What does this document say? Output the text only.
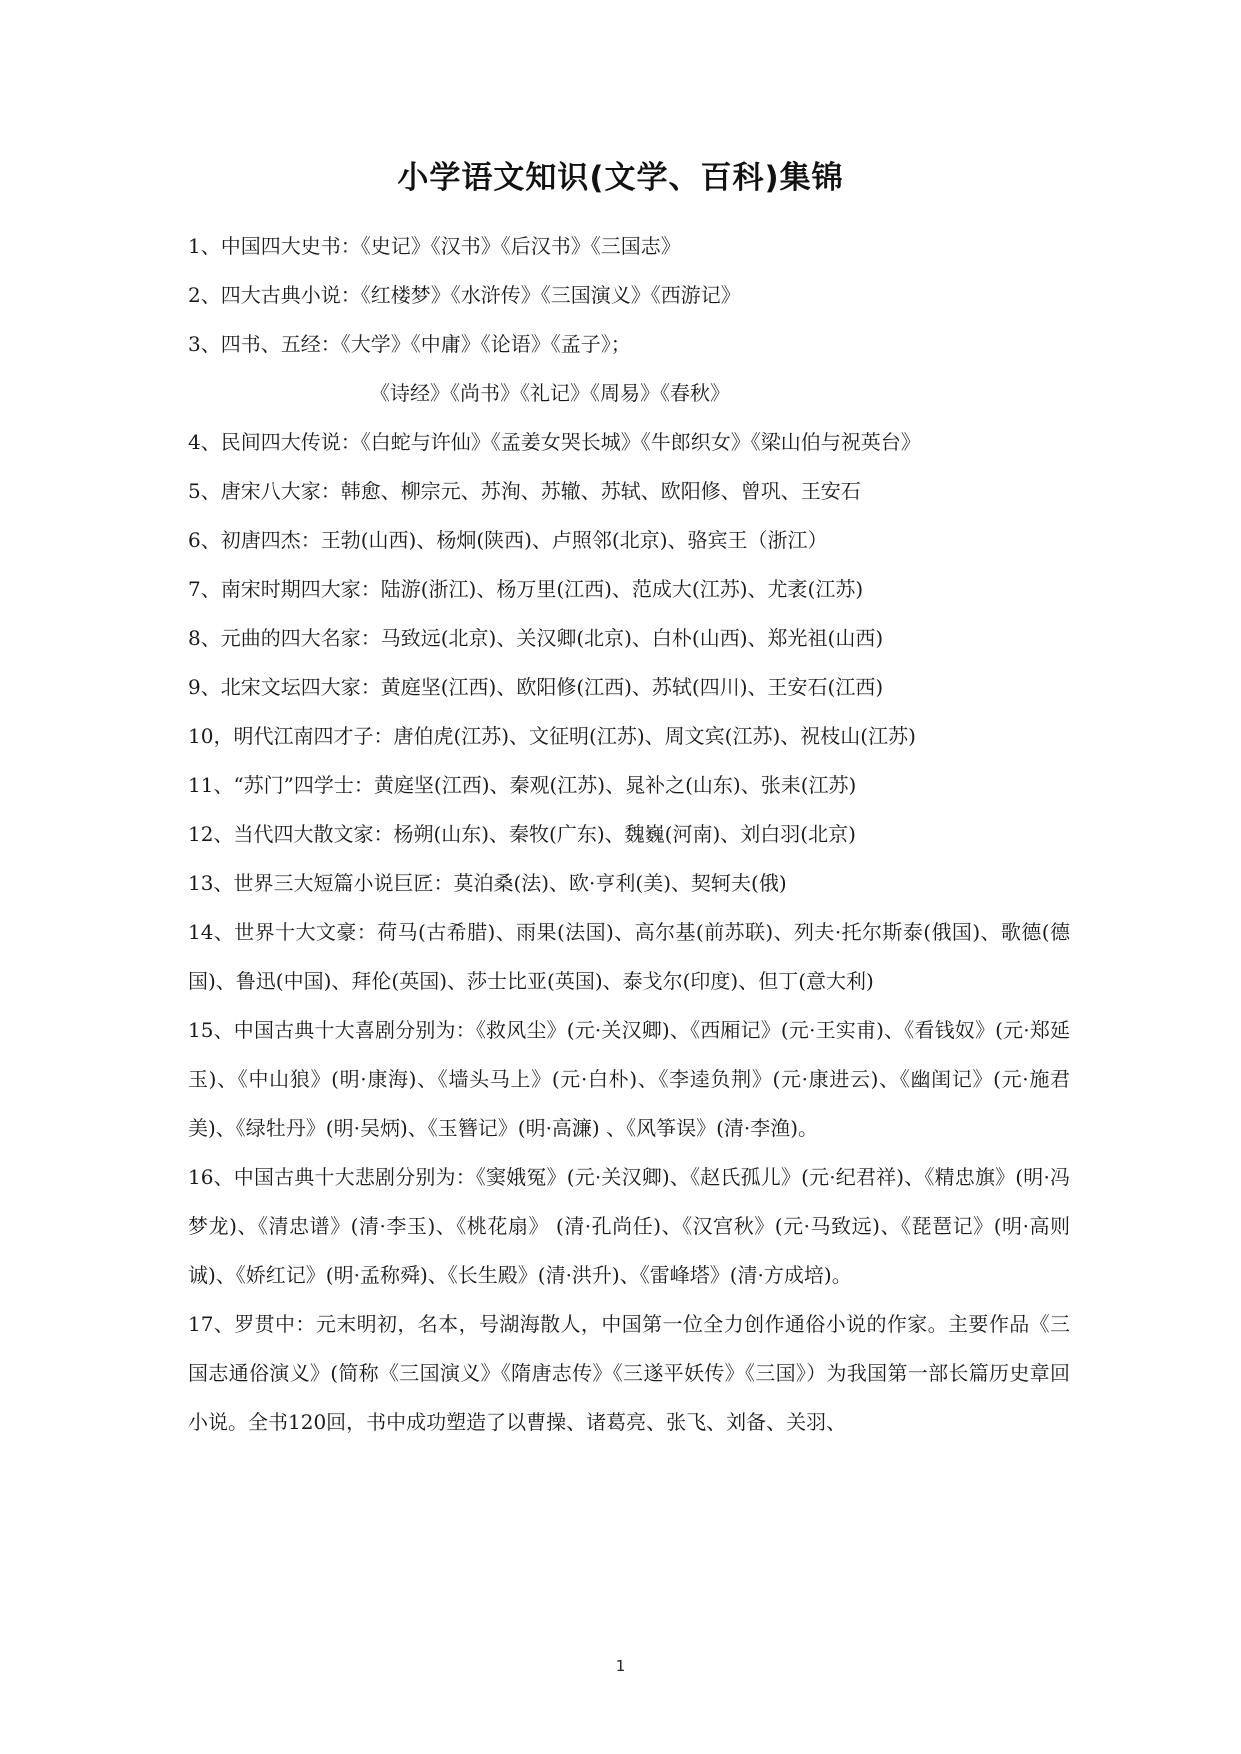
小学语文知识(文学、百科)集锦
1、中国四大史书：《史记》《汉书》《后汉书》《三国志》
2、四大古典小说：《红楼梦》《水浒传》《三国演义》《西游记》
3、四书、五经：《大学》《中庸》《论语》《孟子》；
《诗经》《尚书》《礼记》《周易》《春秋》
4、民间四大传说：《白蛇与许仙》《孟姜女哭长城》《牛郎织女》《梁山伯与祝英台》
5、唐宋八大家：韩愈、柳宗元、苏洵、苏辙、苏轼、欧阳修、曾巩、王安石
6、初唐四杰：王勃(山西)、杨炯(陕西)、卢照邻(北京)、骆宾王（浙江）
7、南宋时期四大家：陆游(浙江)、杨万里(江西)、范成大(江苏)、尤袤(江苏)
8、元曲的四大名家：马致远(北京)、关汉卿(北京)、白朴(山西)、郑光祖(山西)
9、北宋文坛四大家：黄庭坚(江西)、欧阳修(江西)、苏轼(四川)、王安石(江西)
10，明代江南四才子：唐伯虎(江苏)、文征明(江苏)、周文宾(江苏)、祝枝山(江苏)
11、“苏门”四学士：黄庭坚(江西)、秦观(江苏)、晁补之(山东)、张耒(江苏)
12、当代四大散文家：杨朔(山东)、秦牧(广东)、魏巍(河南)、刘白羽(北京)
13、世界三大短篇小说巨匠：莫泊桑(法)、欧·亨利(美)、契轲夫(俄)
14、世界十大文豪：荷马(古希腊)、雨果(法国)、高尔基(前苏联)、列夫·托尔斯泰(俄国)、歌德(德国)、鲁迅(中国)、拜伦(英国)、莎士比亚(英国)、泰戈尔(印度)、但丁(意大利)
15、中国古典十大喜剧分别为：《救风尘》(元·关汉卿)、《西厢记》(元·王实甫)、《看钱奴》(元·郑延玉)、《中山狼》(明·康海)、《墙头马上》(元·白朴)、《李逵负荆》(元·康进云)、《幽闺记》(元·施君美)、《绿牡丹》(明·吴炳)、《玉簪记》(明·高濂) 、《风筝误》(清·李渔)。
16、中国古典十大悲剧分别为：《窦娥冤》(元·关汉卿)、《赵氏孤儿》(元·纪君祥)、《精忠旗》(明·冯梦龙)、《清忠谱》(清·李玉)、《桃花扇》 (清·孔尚任)、《汉宫秋》(元·马致远)、《琵琶记》(明·高则诚)、《娇红记》(明·孟称舜)、《长生殿》(清·洪升)、《雷峰塔》(清·方成培)。
17、罗贯中：元末明初，名本，号湖海散人，中国第一位全力创作通俗小说的作家。主要作品《三国志通俗演义》(简称《三国演义》《隋唐志传》《三遂平妖传》《三国》）为我国第一部长篇历史章回小说。全书120回，书中成功塑造了以曹操、诸葛亮、张飞、刘备、关羽、
1
